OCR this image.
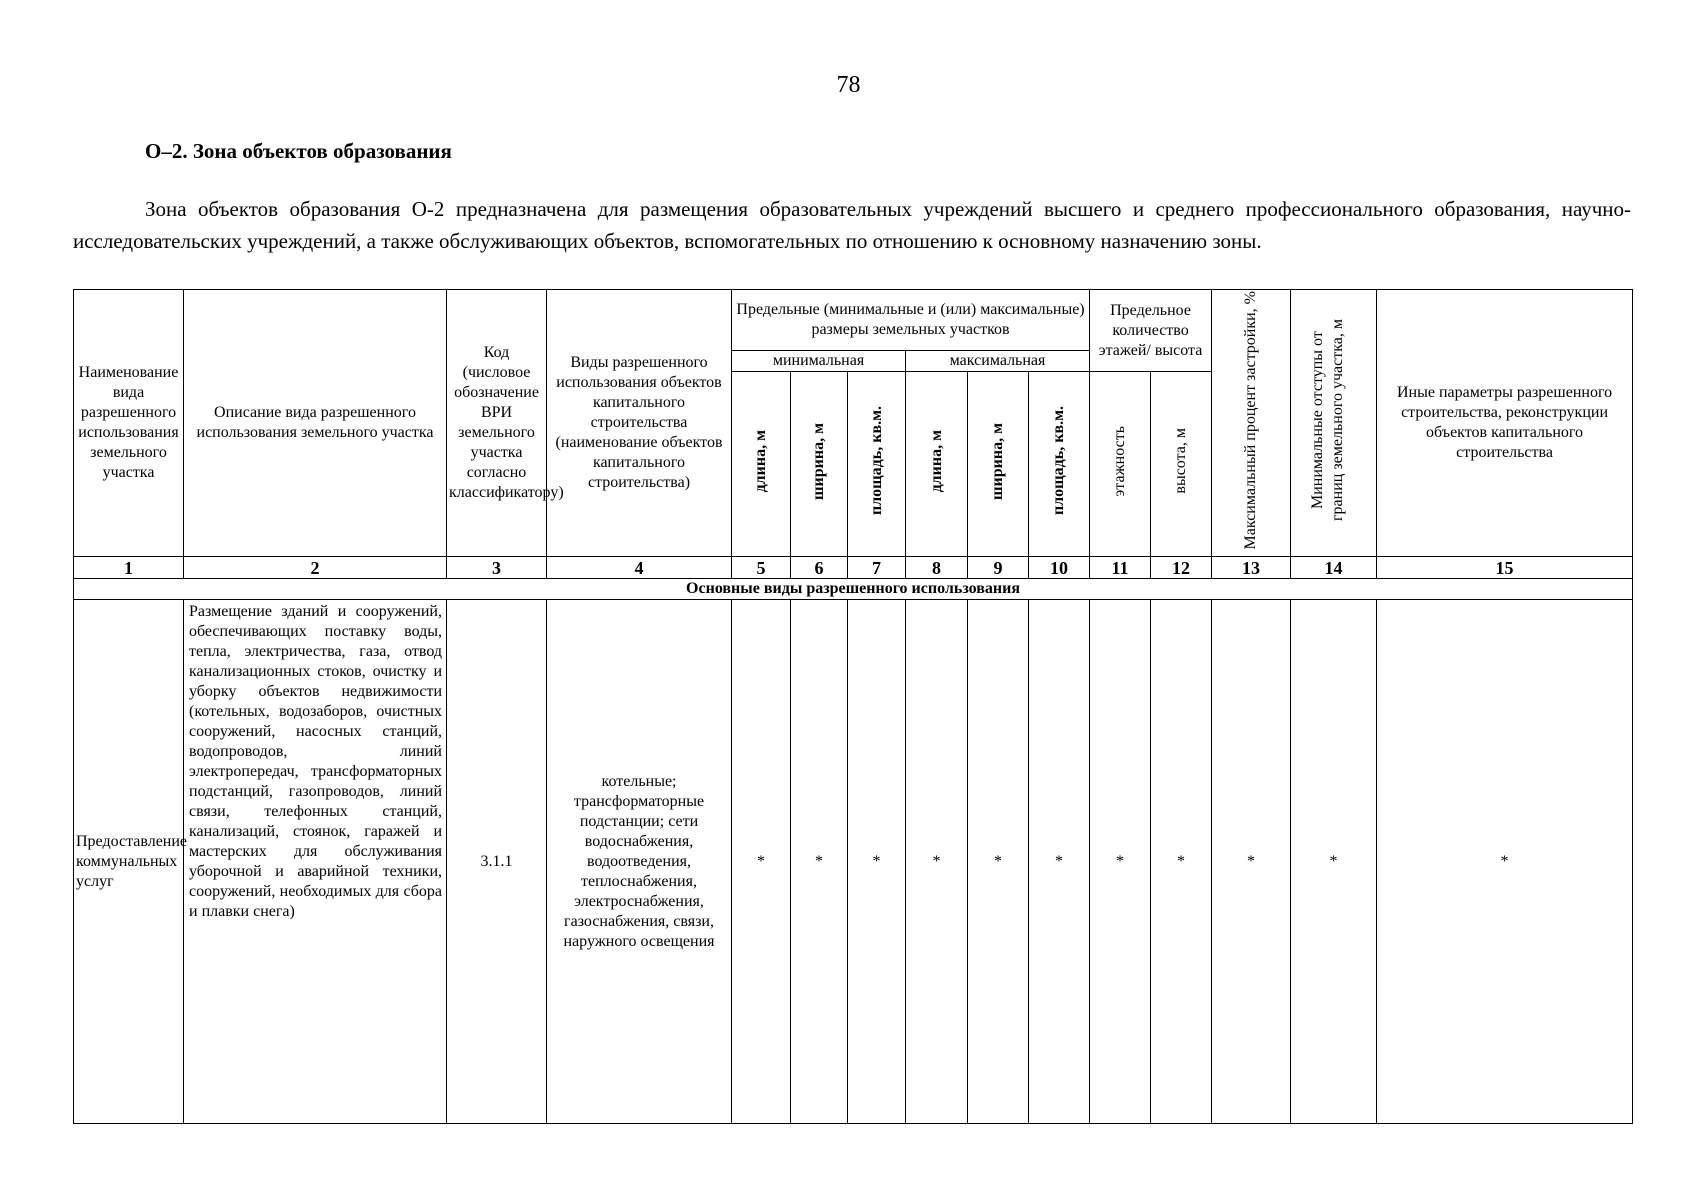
78
О–2. Зона объектов образования

Зона объектов образования О-2 предназначена для размещения образовательных учреждений высшего и среднего профессионального образования, научно-исследовательских учреждений, а также обслуживающих объектов, вспомогательных по отношению к основному назначению зоны.

Наименование вида разрешенного использования земельного участка	Описание вида разрешенного использования земельного участка	Код (числовое обозначение ВРИ земельного участка согласно классификатору)	Виды разрешенного использования объектов капитального строительства (наименование объектов капитального строительства)	Предельные (минимальные и (или) максимальные) размеры земельных участков						Предельное количество этажей/ высота		Максимальный процент застройки, %	Минимальные отступы от границ земельного участка, м	Иные параметры разрешенного строительства, реконструкции объектов капитального строительства
				минимальная			максимальная							
				длина, м	ширина, м	площадь, кв.м.	длина, м	ширина, м	площадь, кв.м.	этажность	высота, м			
1	2	3	4	5	6	7	8	9	10	11	12	13	14	15
Основные виды разрешенного использования														
Предоставление коммунальных услуг	Размещение зданий и сооружений, обеспечивающих поставку воды, тепла, электричества, газа, отвод канализационных стоков, очистку и уборку объектов недвижимости (котельных, водозаборов, очистных сооружений, насосных станций, водопроводов, линий электропередач, трансформаторных подстанций, газопроводов, линий связи, телефонных станций, канализаций, стоянок, гаражей и мастерских для обслуживания уборочной и аварийной техники, сооружений, необходимых для сбора и плавки снега)	3.1.1	котельные; трансформаторные подстанции; сети водоснабжения, водоотведения, теплоснабжения, электроснабжения, газоснабжения, связи, наружного освещения	*	*	*	*	*	*	*	*	*	*	*
